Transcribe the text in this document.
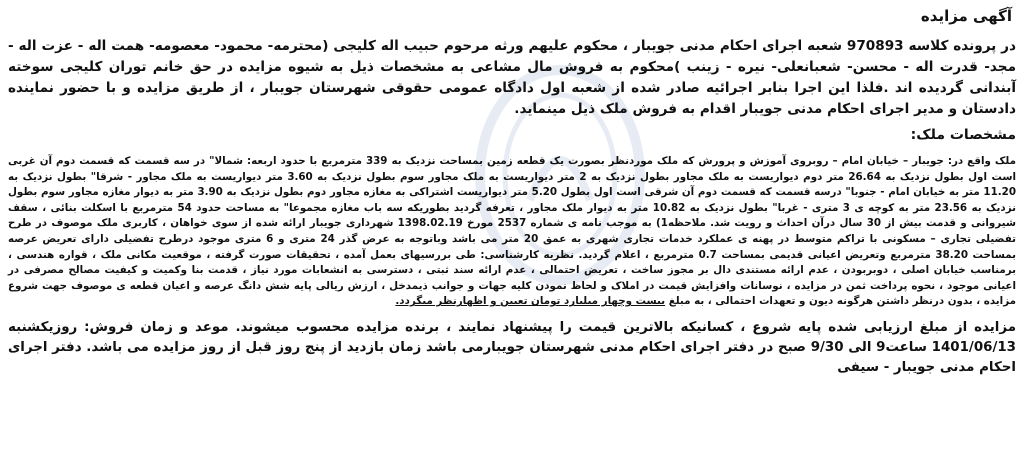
آگهی مزایده

در پرونده کلاسه 970893 شعبه اجرای احکام مدنی جویبار ، محکوم علیهم ورثه مرحوم حبیب اله کلیجی (محترمه- محمود- معصومه- همت اله - عزت اله - مجد- قدرت اله - محسن- شعبانعلی- نیره - زینب )محکوم به فروش مال مشاعی به مشخصات ذیل به شیوه مزایده در حق خانم توران کلیجی سوخته آبندانی گردیده اند .فلذا این اجرا بنابر اجرائیه صادر شده از شعبه اول دادگاه عمومی حقوقی شهرستان جویبار ، از طریق مزایده و با حضور نماینده دادستان و مدیر اجرای احکام مدنی جویبار اقدام به فروش ملک ذیل مینماید.

مشخصات ملک:

ملک واقع در: جویبار – خیابان امام – روبروی آموزش و پرورش که ملک موردنظر بصورت یک قطعه زمین بمساحت نزدیک به 339 مترمربع با حدود اربعه: شمالا" در سه قسمت که قسمت دوم آن غربی است اول بطول نزدیک به 26.64 متر دوم دیواریست به ملک مجاور بطول نزدیک به 2 متر دیواریست به ملک مجاور سوم بطول نزدیک به 3.60 متر دیواریست به ملک مجاور - شرقا" بطول نزدیک به 11.20 متر به خیابان امام - جنوبا" درسه قسمت که قسمت دوم آن شرقی است اول بطول 5.20 متر دیواریست اشتراکی به مغازه مجاور دوم بطول نزدیک به 3.90 متر به دیوار مغازه مجاور سوم بطول نزدیک به 23.56 متر به کوچه ی 3 متری - غربا" بطول نزدیک به 10.82 متر به دیوار ملک مجاور ، تعرفه گردید بطوریکه سه باب مغازه مجموعا" به مساحت حدود 54 مترمربع با اسکلت بنائی ، سقف شیروانی و قدمت بیش از 30 سال درآن احداث و رویت شد. ملاحظه1) به موجب نامه ی شماره 2537 مورخ 1398.02.19 شهرداری جویبار ارائه شده از سوی خواهان ، کاربری ملک موصوف در طرح تفضیلی تجاری – مسکونی با تراکم متوسط در پهنه ی عملکرد خدمات تجاری شهری به عمق 20 متر می باشد وباتوجه به عرض گذر 24 متری و 6 متری موجود درطرح تفضیلی دارای تعریض عرصه بمساحت 38.20 مترمربع وتعریض اعیانی قدیمی بمساحت 0.7 مترمربع ، اعلام گردید. نظریه کارشناسی: طی بررسیهای بعمل آمده ، تحقیقات صورت گرفته ، موقعیت مکانی ملک ، قواره هندسی ، برمناسب خیابان اصلی ، دوبربودن ، عدم ارائه مستندی دال بر مجوز ساخت ، تعریض احتمالی ، عدم ارائه سند ثبتی ، دسترسی به انشعابات مورد نیاز ، قدمت بنا وکمیت و کیفیت مصالح مصرفی در اعیانی موجود ، نحوه پرداخت ثمن در مزایده ، نوسانات وافزایش قیمت در املاک و لحاظ نمودن کلیه جهات و جوانب ذیمدخل ، ارزش ریالی پایه شش دانگ عرصه و اعیان قطعه ی موصوف جهت شروع مزایده ، بدون درنظر داشتن هرگونه دیون و تعهدات احتمالی ، به مبلغ بیست وچهار میلیارد تومان تعیین و اظهارنظر میگردد.

مزایده از مبلغ ارزیابی شده پایه شروع ، کسانیکه بالاترین قیمت را پیشنهاد نمایند ، برنده مزایده محسوب میشوند. موعد و زمان فروش: روزیکشنبه 1401/06/13 ساعت9 الی 9/30 صبح در دفتر اجرای احکام مدنی شهرستان جویبارمی باشد زمان بازدید از پنج روز قبل از روز مزایده می باشد. دفتر اجرای احکام مدنی جویبار - سیفی
